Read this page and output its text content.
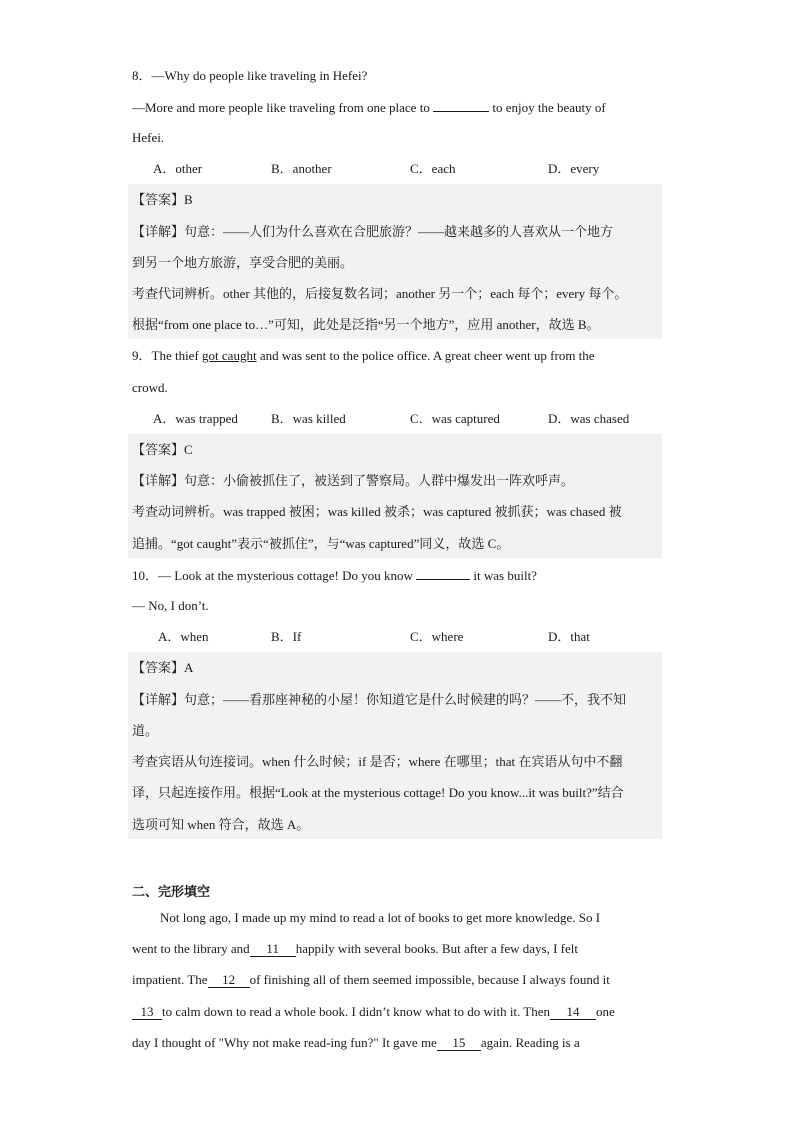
8．—Why do people like traveling in Hefei?
—More and more people like traveling from one place to	to enjoy the beauty of
Hefei.
A．other	B．another	C．each	D．every
【答案】B
【详解】句意：——人们为什么喜欢在合肥旅游？——越来越多的人喜欢从一个地方
到另一个地方旅游，享受合肥的美丽。
考查代词辨析。other 其他的，后接复数名词；another 另一个；each 每个；every 每个。
根据“from one place to…”可知，此处是泛指“另一个地方”，应用 another，故选 B。
9．The thief got caught and was sent to the police office. A great cheer went up from the
crowd.
A．was trapped	B．was killed	C．was captured	D．was chased
【答案】C
【详解】句意：小偷被抓住了，被送到了警察局。人群中爆发出一阵欢呼声。
考查动词辨析。was trapped 被困；was killed 被杀；was captured 被抓获；was chased 被
追捕。“got caught”表示“被抓住”，与“was captured”同义，故选 C。
10．— Look at the mysterious cottage! Do you know	it was built?
— No, I don’t.
A．when	B．If	C．where	D．that
【答案】A
【详解】句意；——看那座神秘的小屋！你知道它是什么时候建的吗？——不，我不知
道。
考查宾语从句连接词。when 什么时候；if 是否；where 在哪里；that 在宾语从句中不翻
译，只起连接作用。根据“Look at the mysterious cottage! Do you know...it was built?”结合
选项可知 when 符合，故选 A。
二、完形填空
Not long ago, I made up my mind to read a lot of books to get more knowledge. So I
went to the library and 11 happily with several books. But after a few days, I felt
impatient. The 12 of finishing all of them seemed impossible, because I always found it
13 to calm down to read a whole book. I didn’t know what to do with it. Then 14 one
day I thought of "Why not make read-ing fun?" It gave me 15 again. Reading is a
